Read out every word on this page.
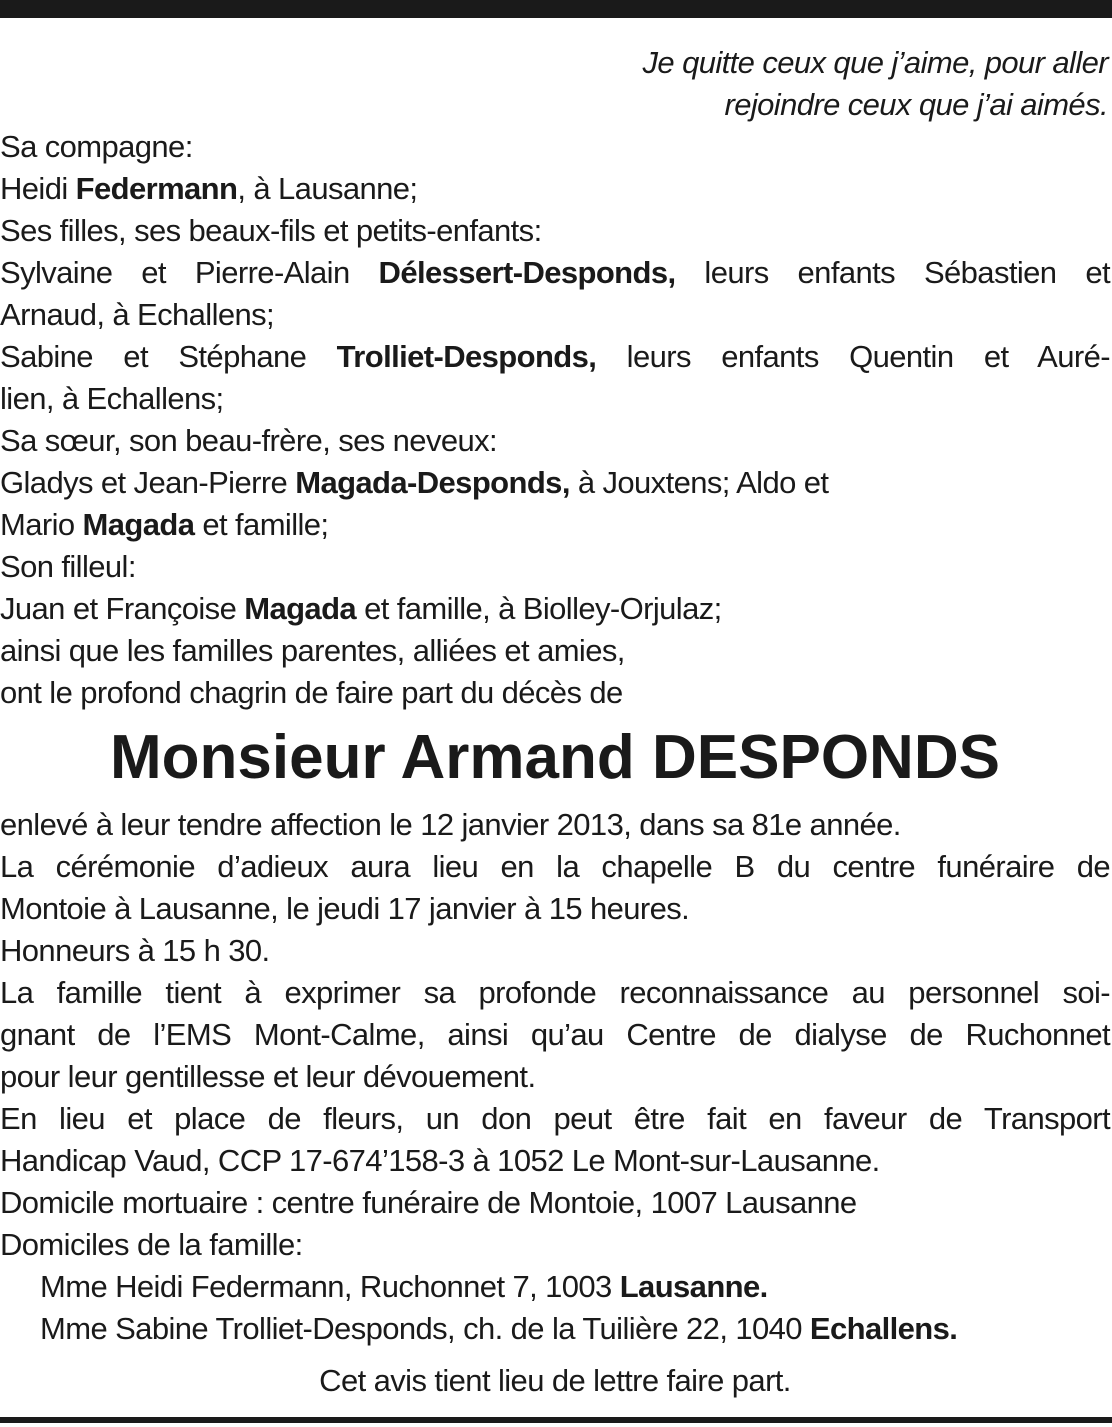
Je quitte ceux que j’aime, pour aller
rejoindre ceux que j’ai aimés.
Sa compagne:
Heidi Federmann, à Lausanne;
Ses filles, ses beaux-fils et petits-enfants:
Sylvaine et Pierre-Alain Délessert-Desponds, leurs enfants Sébastien et
Arnaud, à Echallens;
Sabine et Stéphane Trolliet-Desponds, leurs enfants Quentin et Auré-
lien, à Echallens;
Sa sœur, son beau-frère, ses neveux:
Gladys et Jean-Pierre Magada-Desponds, à Jouxtens; Aldo et
Mario Magada et famille;
Son filleul:
Juan et Françoise Magada et famille, à Biolley-Orjulaz;
ainsi que les familles parentes, alliées et amies,
ont le profond chagrin de faire part du décès de
Monsieur Armand DESPONDS
enlevé à leur tendre affection le 12 janvier 2013, dans sa 81e année.
La cérémonie d’adieux aura lieu en la chapelle B du centre funéraire de
Montoie à Lausanne, le jeudi 17 janvier à 15 heures.
Honneurs à 15 h 30.
La famille tient à exprimer sa profonde reconnaissance au personnel soi-
gnant de l’EMS Mont-Calme, ainsi qu’au Centre de dialyse de Ruchonnet
pour leur gentillesse et leur dévouement.
En lieu et place de fleurs, un don peut être fait en faveur de Transport
Handicap Vaud, CCP 17-674’158-3 à 1052 Le Mont-sur-Lausanne.
Domicile mortuaire : centre funéraire de Montoie, 1007 Lausanne
Domiciles de la famille:
Mme Heidi Federmann, Ruchonnet 7, 1003 Lausanne.
Mme Sabine Trolliet-Desponds, ch. de la Tuilière 22, 1040 Echallens.
Cet avis tient lieu de lettre faire part.
